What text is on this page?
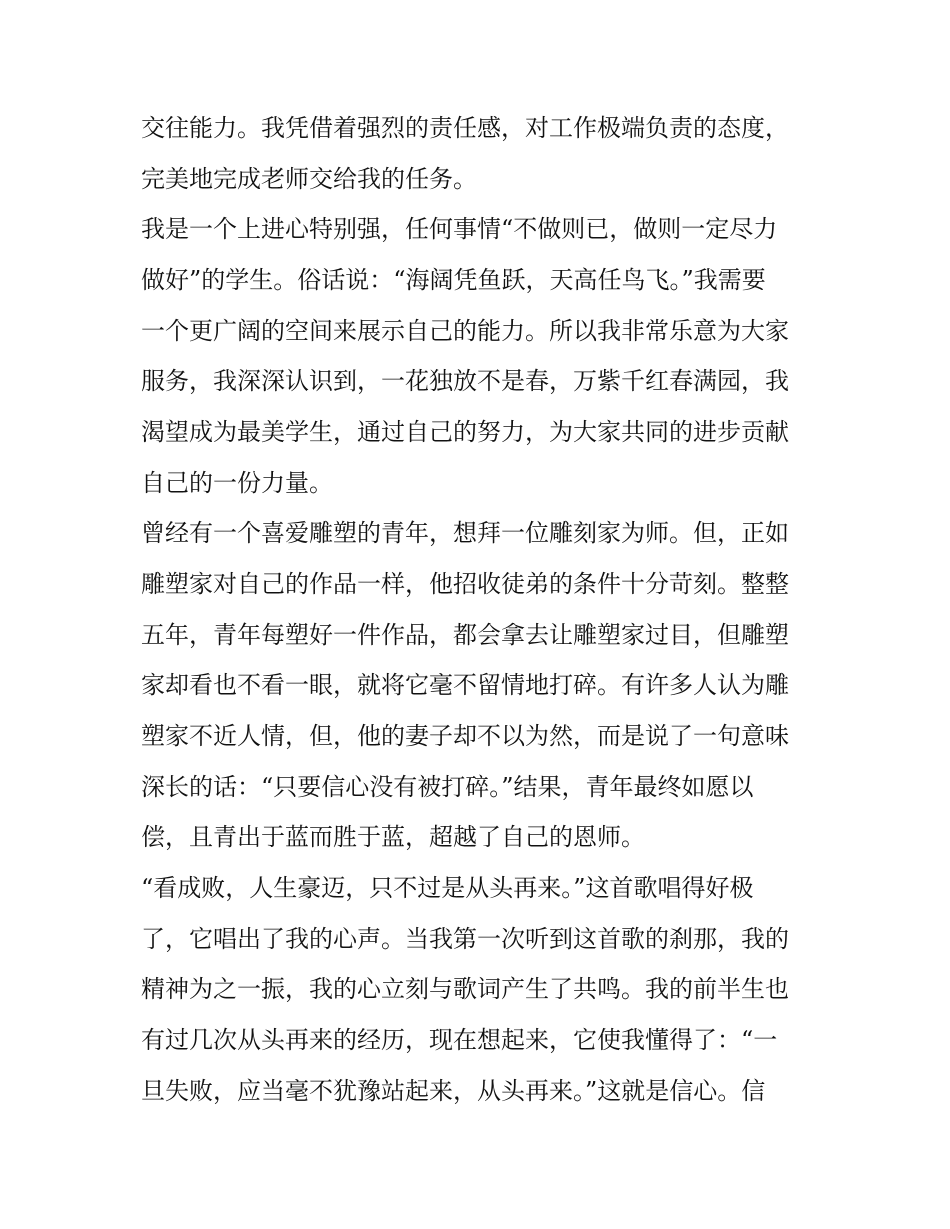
交往能力。我凭借着强烈的责任感，对工作极端负责的态度，
完美地完成老师交给我的任务。
我是一个上进心特别强，任何事情“不做则已，做则一定尽力
做好”的学生。俗话说：“海阔凭鱼跃，天高任鸟飞。”我需要
一个更广阔的空间来展示自己的能力。所以我非常乐意为大家
服务，我深深认识到，一花独放不是春，万紫千红春满园，我
渴望成为最美学生，通过自己的努力，为大家共同的进步贡献
自己的一份力量。
曾经有一个喜爱雕塑的青年，想拜一位雕刻家为师。但，正如
雕塑家对自己的作品一样，他招收徒弟的条件十分苛刻。整整
五年，青年每塑好一件作品，都会拿去让雕塑家过目，但雕塑
家却看也不看一眼，就将它毫不留情地打碎。有许多人认为雕
塑家不近人情，但，他的妻子却不以为然，而是说了一句意味
深长的话：“只要信心没有被打碎。”结果，青年最终如愿以
偿，且青出于蓝而胜于蓝，超越了自己的恩师。
“看成败，人生豪迈，只不过是从头再来。”这首歌唱得好极
了，它唱出了我的心声。当我第一次听到这首歌的刹那，我的
精神为之一振，我的心立刻与歌词产生了共鸣。我的前半生也
有过几次从头再来的经历，现在想起来，它使我懂得了：“一
旦失败，应当毫不犹豫站起来，从头再来。”这就是信心。信
